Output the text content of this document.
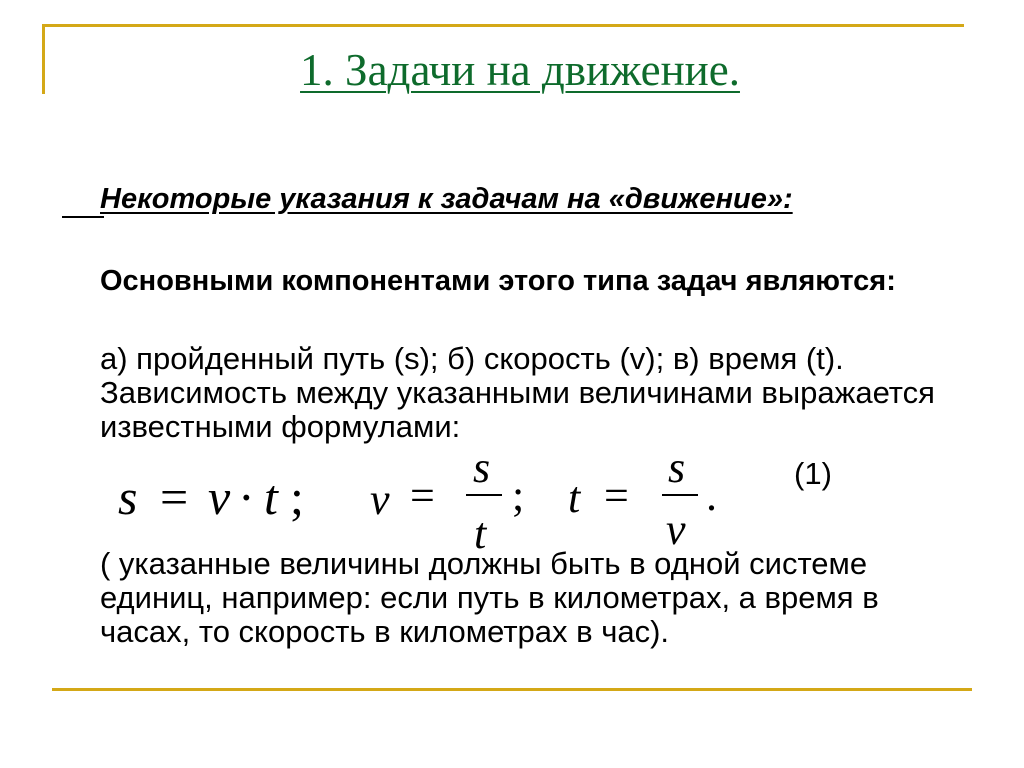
1. Задачи на движение.
Некоторые указания к задачам на «движение»:
Основными компонентами этого типа задач являются:
а) пройденный путь (s); б) скорость (v); в) время (t). Зависимость между указанными величинами выражается известными формулами:
s = v · t ; v =
s
t
; t =
s
v
. (1)
( указанные величины должны быть в одной системе единиц, например: если путь в километрах, а время в часах, то скорость в километрах в час).
